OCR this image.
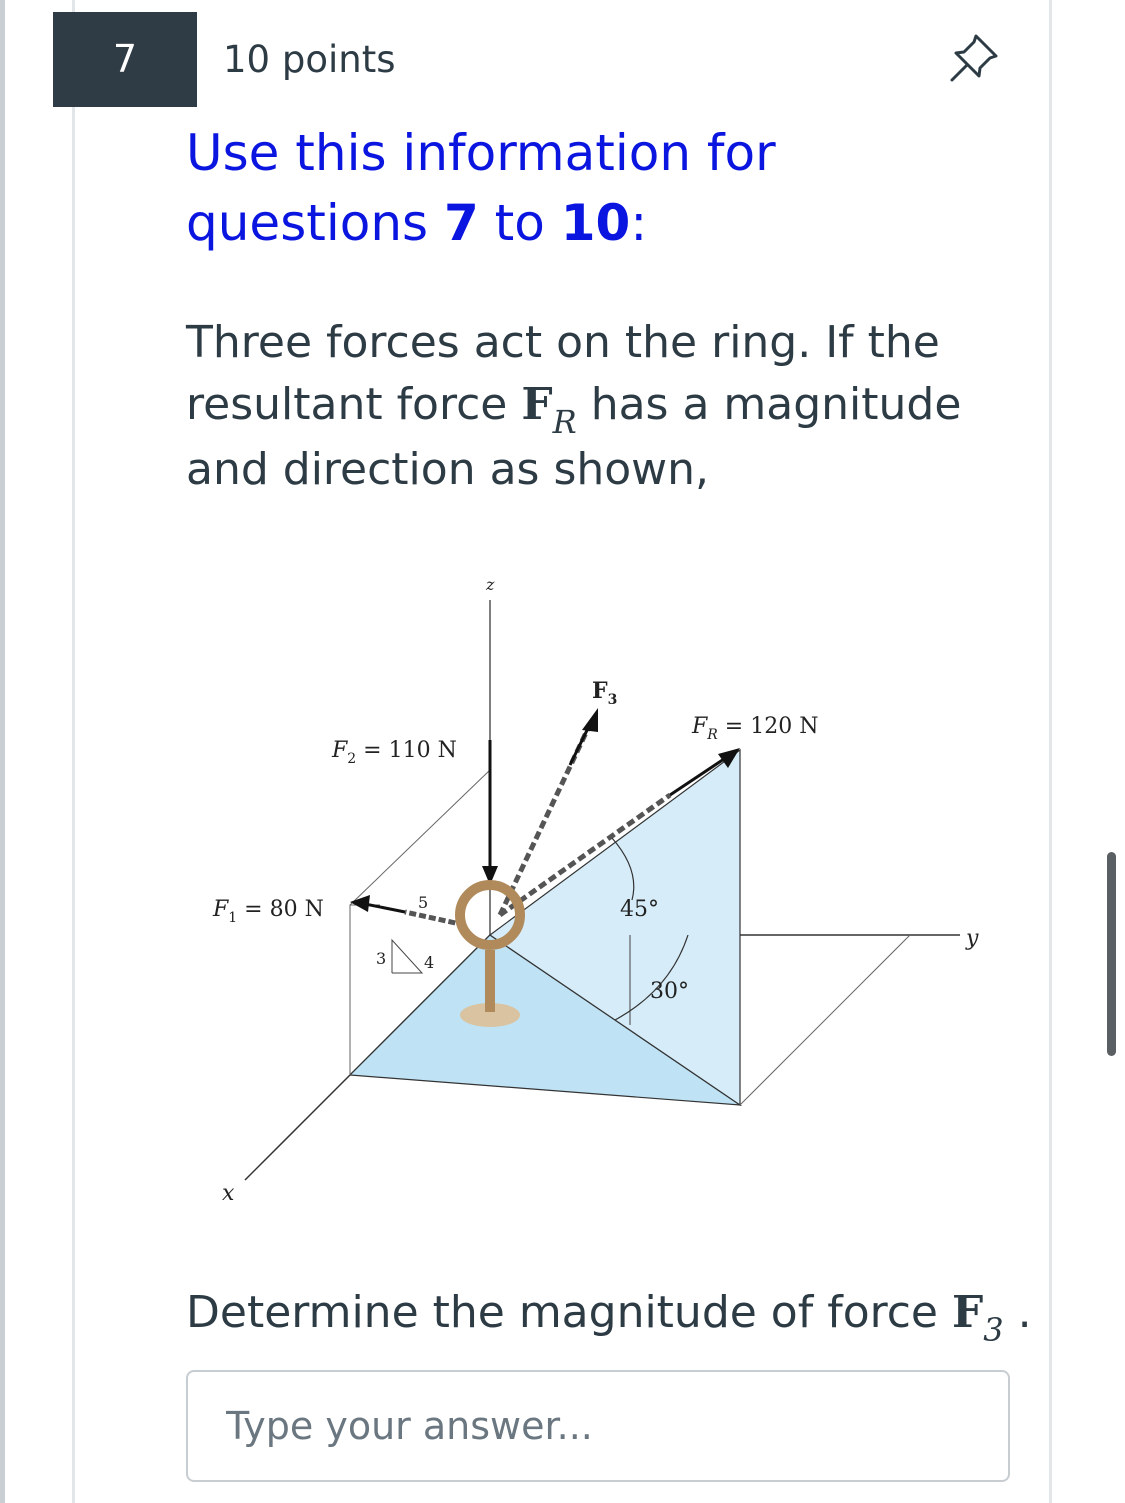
7	10 points
Use this information for questions 7 to 10:
Three forces act on the ring. If the resultant force $F_R$ has a magnitude and direction as shown,
z
y
x
$F_3$
$F_R = 120$ N
$F_2 = 110$ N
$F_1 = 80$ N	5
3 4
45°
30°
Determine the magnitude of force $F_3$ .
Type your answer...
